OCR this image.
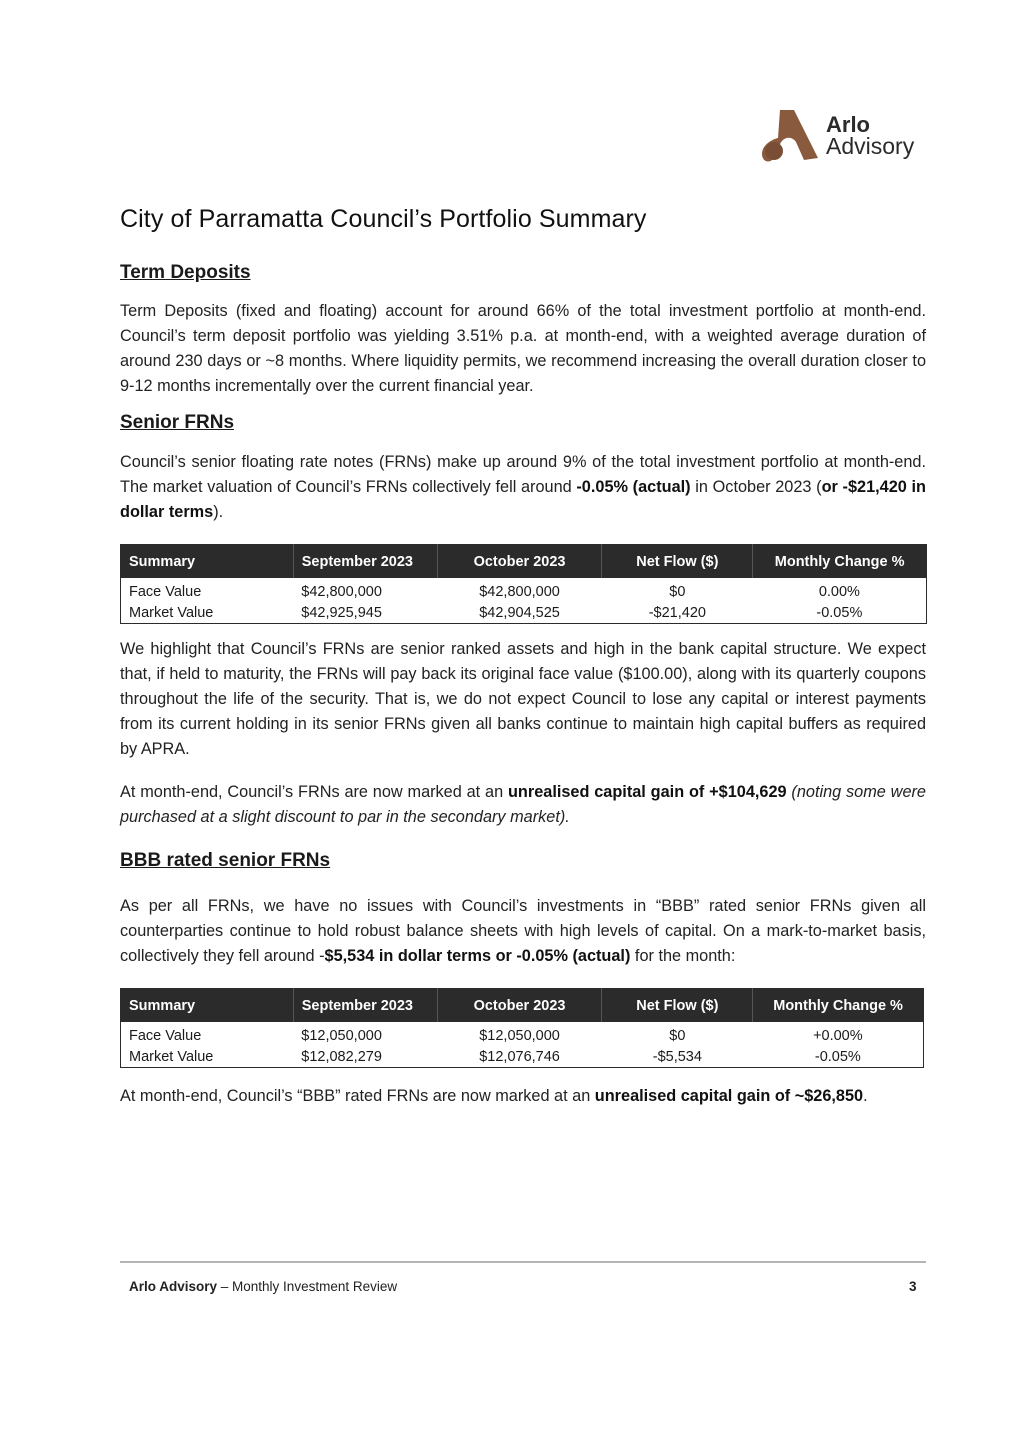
Arlo
Advisory
City of Parramatta Council’s Portfolio Summary
Term Deposits

Term Deposits (fixed and floating) account for around 66% of the total investment portfolio at month-end. Council’s term deposit portfolio was yielding 3.51% p.a. at month-end, with a weighted average duration of around 230 days or ~8 months. Where liquidity permits, we recommend increasing the overall duration closer to 9-12 months incrementally over the current financial year.

Senior FRNs

Council’s senior floating rate notes (FRNs) make up around 9% of the total investment portfolio at month-end. The market valuation of Council’s FRNs collectively fell around -0.05% (actual) in October 2023 (or -$21,420 in dollar terms).

Summary	September 2023	October 2023	Net Flow ($)	Monthly Change %
Face Value	$42,800,000	$42,800,000	$0	0.00%
Market Value	$42,925,945	$42,904,525	-$21,420	-0.05%

We highlight that Council’s FRNs are senior ranked assets and high in the bank capital structure. We expect that, if held to maturity, the FRNs will pay back its original face value ($100.00), along with its quarterly coupons throughout the life of the security. That is, we do not expect Council to lose any capital or interest payments from its current holding in its senior FRNs given all banks continue to maintain high capital buffers as required by APRA.

At month-end, Council’s FRNs are now marked at an unrealised capital gain of +$104,629 (noting some were purchased at a slight discount to par in the secondary market).

BBB rated senior FRNs

As per all FRNs, we have no issues with Council’s investments in “BBB” rated senior FRNs given all counterparties continue to hold robust balance sheets with high levels of capital. On a mark-to-market basis, collectively they fell around -$5,534 in dollar terms or -0.05% (actual) for the month:

Summary	September 2023	October 2023	Net Flow ($)	Monthly Change %
Face Value	$12,050,000	$12,050,000	$0	+0.00%
Market Value	$12,082,279	$12,076,746	-$5,534	-0.05%

At month-end, Council’s “BBB” rated FRNs are now marked at an unrealised capital gain of ~$26,850.

Arlo Advisory – Monthly Investment Review	3
